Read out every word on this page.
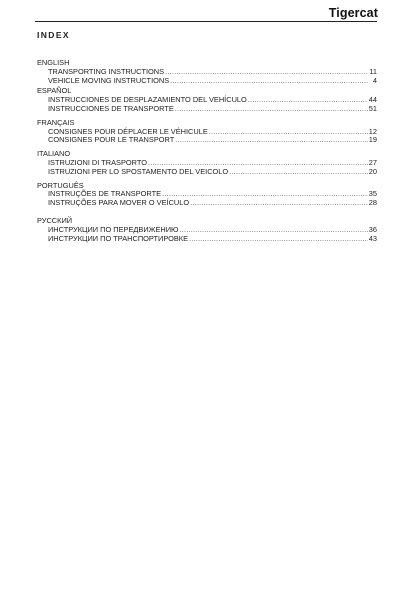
Tigercat
INDEX
ENGLISH
TRANSPORTING INSTRUCTIONS .....	11
VEHICLE MOVING INSTRUCTIONS .....	4
ESPAÑOL
INSTRUCCIONES DE DESPLAZAMIENTO DEL VEHÍCULO .....	44
INSTRUCCIONES DE TRANSPORTE .....	51
FRANÇAIS
CONSIGNES POUR DÉPLACER LE VÉHICULE .....	12
CONSIGNES POUR LE TRANSPORT .....	19
ITALIANO
ISTRUZIONI DI TRASPORTO .....	27
ISTRUZIONI PER LO SPOSTAMENTO DEL VEICOLO .....	20
PORTUGUÊS
INSTRUÇÕES DE TRANSPORTE .....	35
INSTRUÇÕES PARA MOVER O VEÍCULO .....	28
РУССКИЙ
ИНСТРУКЦИИ ПО ПЕРЕДВИЖЕНИЮ .....	36
ИНСТРУКЦИИ ПО ТРАНСПОРТИРОВКЕ .....	43
